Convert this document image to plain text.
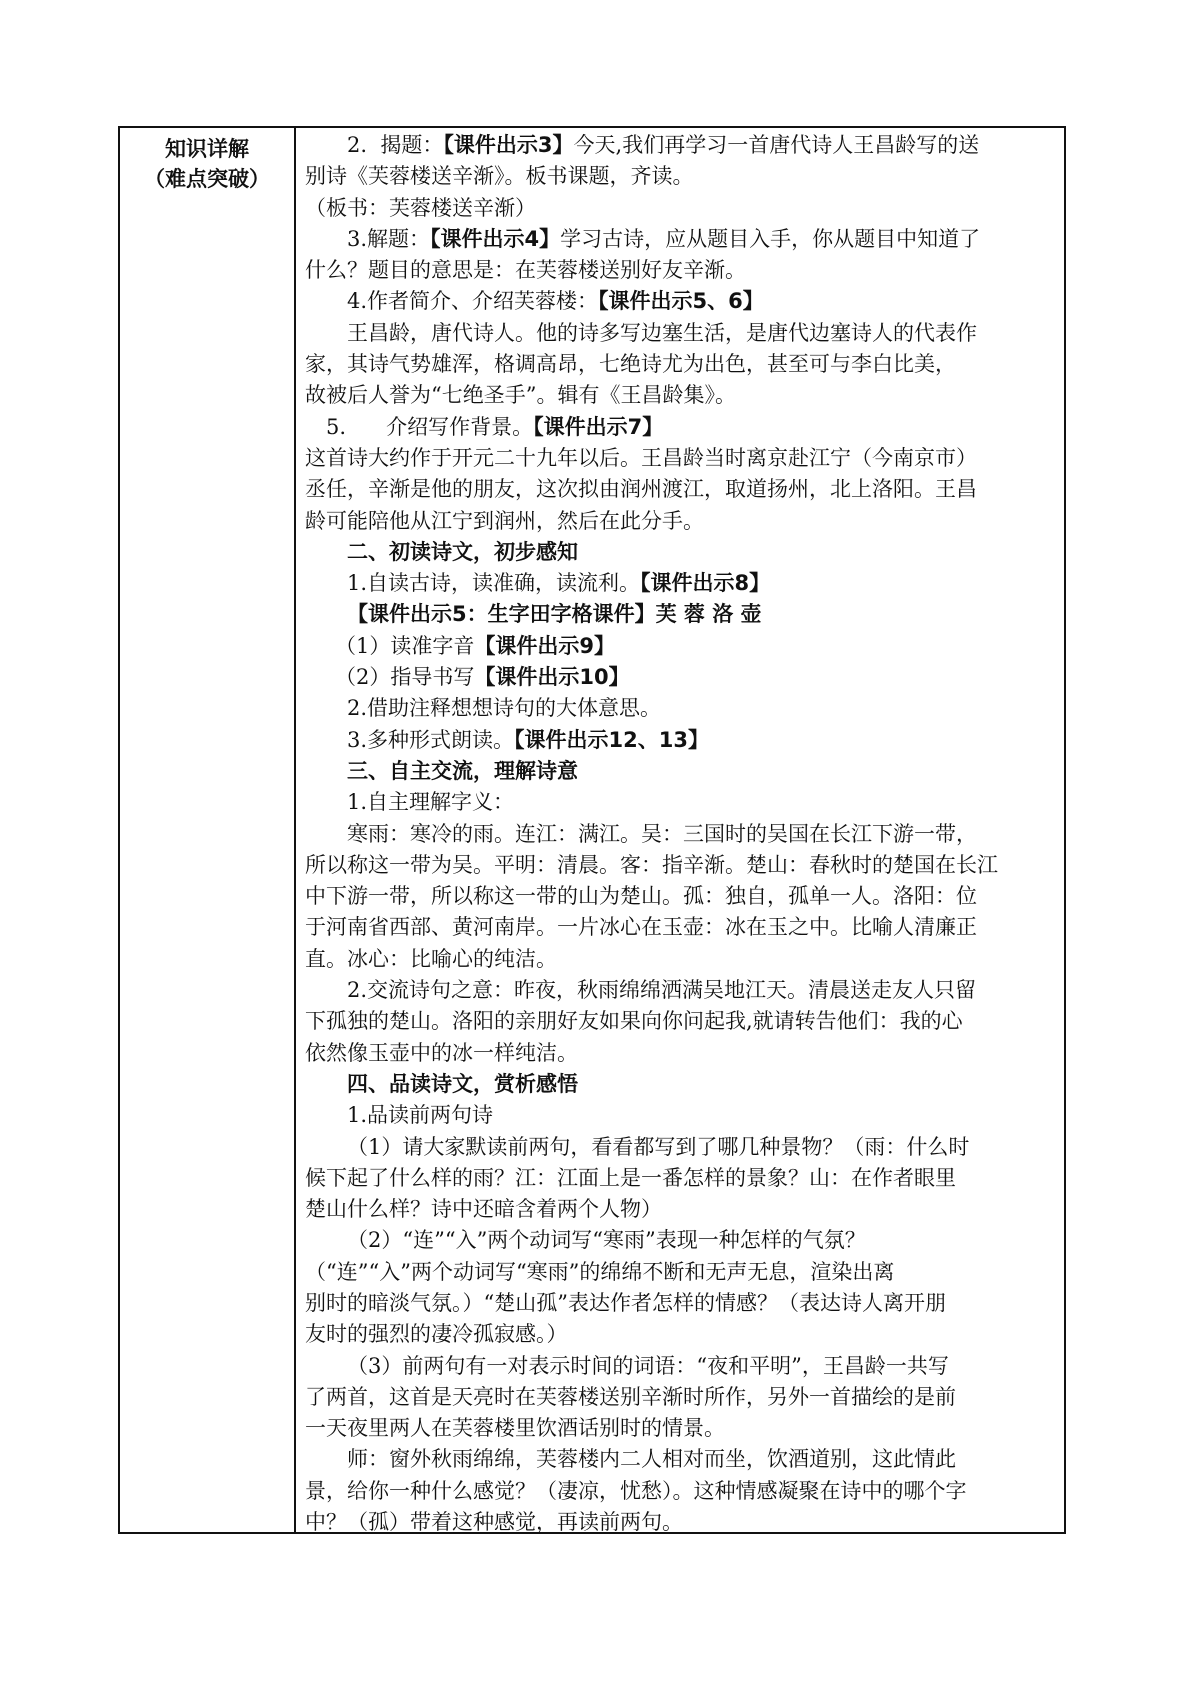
知识详解
（难点突破）

2.  揭题：【课件出示3】今天,我们再学习一首唐代诗人王昌龄写的送

别诗《芙蓉楼送辛渐》。板书课题，齐读。

（板书：芙蓉楼送辛渐）

3.解题：【课件出示4】学习古诗，应从题目入手，你从题目中知道了

什么？题目的意思是：在芙蓉楼送别好友辛渐。

4.作者简介、介绍芙蓉楼：【课件出示5、6】

王昌龄，唐代诗人。他的诗多写边塞生活，是唐代边塞诗人的代表作

家，其诗气势雄浑，格调高昂，七绝诗尤为出色，甚至可与李白比美，

故被后人誉为“七绝圣手”。辑有《王昌龄集》。

5.      介绍写作背景。【课件出示7】

这首诗大约作于开元二十九年以后。王昌龄当时离京赴江宁（今南京市）

丞任，辛渐是他的朋友，这次拟由润州渡江，取道扬州，北上洛阳。王昌

龄可能陪他从江宁到润州，然后在此分手。

二、初读诗文，初步感知

1.自读古诗，读准确，读流利。【课件出示8】

【课件出示5：生字田字格课件】芙 蓉 洛 壶

（1）读准字音【课件出示9】

（2）指导书写【课件出示10】

2.借助注释想想诗句的大体意思。

3.多种形式朗读。【课件出示12、13】

三、自主交流，理解诗意

1.自主理解字义：

寒雨：寒冷的雨。连江：满江。吴：三国时的吴国在长江下游一带，

所以称这一带为吴。平明：清晨。客：指辛渐。楚山：春秋时的楚国在长江

中下游一带，所以称这一带的山为楚山。孤：独自，孤单一人。洛阳：位

于河南省西部、黄河南岸。一片冰心在玉壶：冰在玉之中。比喻人清廉正

直。冰心：比喻心的纯洁。

2.交流诗句之意：昨夜，秋雨绵绵洒满吴地江天。清晨送走友人只留

下孤独的楚山。洛阳的亲朋好友如果向你问起我,就请转告他们：我的心

依然像玉壶中的冰一样纯洁。

四、品读诗文，赏析感悟

1.品读前两句诗

（1）请大家默读前两句，看看都写到了哪几种景物？（雨：什么时

候下起了什么样的雨？江：江面上是一番怎样的景象？山：在作者眼里

楚山什么样？诗中还暗含着两个人物）

（2）“连”“入”两个动词写“寒雨”表现一种怎样的气氛？

（“连”“入”两个动词写“寒雨”的绵绵不断和无声无息，渲染出离

别时的暗淡气氛。）“楚山孤”表达作者怎样的情感？（表达诗人离开朋

友时的强烈的凄冷孤寂感。）

（3）前两句有一对表示时间的词语：“夜和平明”，王昌龄一共写

了两首，这首是天亮时在芙蓉楼送别辛渐时所作，另外一首描绘的是前

一天夜里两人在芙蓉楼里饮酒话别时的情景。

师：窗外秋雨绵绵，芙蓉楼内二人相对而坐，饮酒道别，这此情此

景，给你一种什么感觉？（凄凉，忧愁）。这种情感凝聚在诗中的哪个字

中？（孤）带着这种感觉，再读前两句。
